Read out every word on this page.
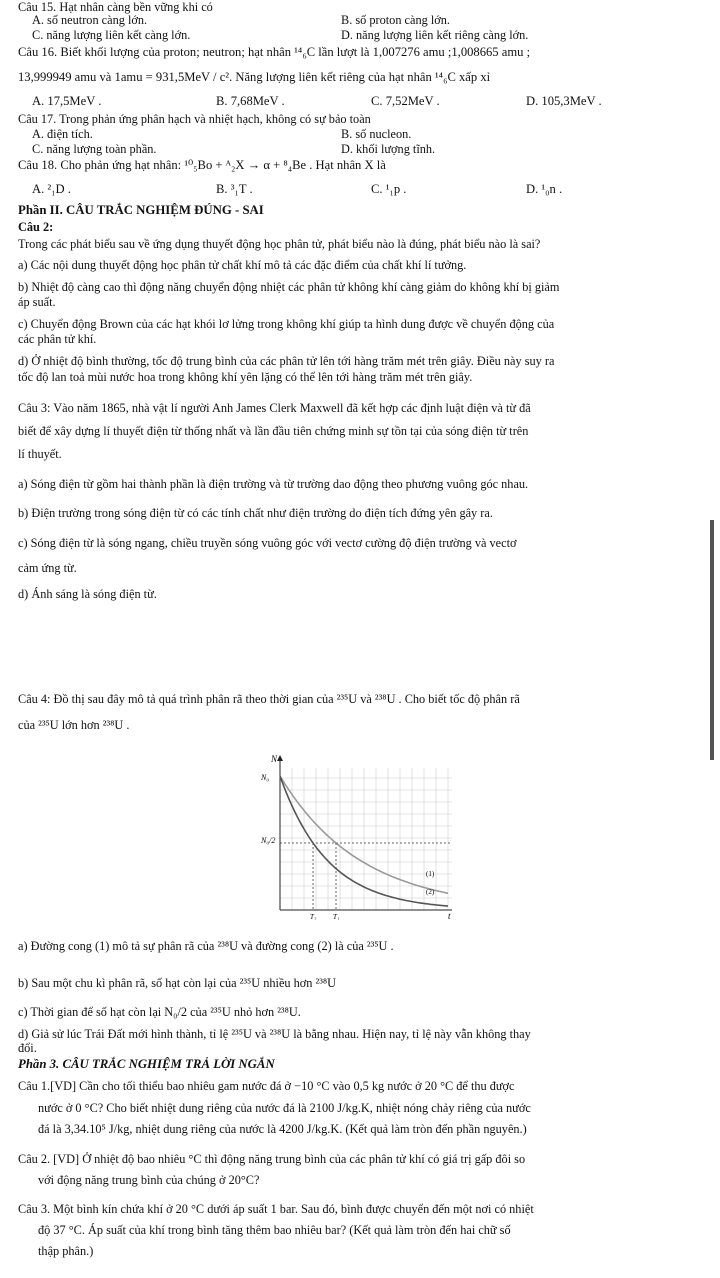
Câu 15. Hạt nhân càng bền vững khi có
A. số neutron càng lớn.	B. số proton càng lớn.
C. năng lượng liên kết càng lớn.	D. năng lượng liên kết riêng càng lớn.
Câu 16. Biết khối lượng của proton; neutron; hạt nhân ¹⁴₆C lần lượt là 1,007276 amu ;1,008665 amu ;
13,999949 amu và 1amu = 931,5MeV / c². Năng lượng liên kết riêng của hạt nhân ¹⁴₆C xấp xỉ
A. 17,5MeV .	B. 7,68MeV .	C. 7,52MeV .	D. 105,3MeV .
Câu 17. Trong phản ứng phân hạch và nhiệt hạch, không có sự bảo toàn
A. điện tích.	B. số nucleon.
C. năng lượng toàn phần.	D. khối lượng tĩnh.
Câu 18. Cho phản ứng hạt nhân: ¹⁰₅Bo + ᴬ₂X → α + ⁸₄Be . Hạt nhân X là
A. ²₁D .	B. ³₁T .	C. ¹₁p .	D. ¹₀n .
Phần II. CÂU TRẮC NGHIỆM ĐÚNG - SAI
Câu 2:
Trong các phát biểu sau về ứng dụng thuyết động học phân tử, phát biểu nào là đúng, phát biểu nào là sai?
a) Các nội dung thuyết động học phân tử chất khí mô tả các đặc điểm của chất khí lí tưởng.
b) Nhiệt độ càng cao thì động năng chuyển động nhiệt các phân tử không khí càng giảm do không khí bị giảm
áp suất.
c) Chuyển động Brown của các hạt khói lơ lửng trong không khí giúp ta hình dung được về chuyển động của
các phân tử khí.
d) Ở nhiệt độ bình thường, tốc độ trung bình của các phân tử lên tới hàng trăm mét trên giây. Điều này suy ra
tốc độ lan toả mùi nước hoa trong không khí yên lặng có thể lên tới hàng trăm mét trên giây.
Câu 3: Vào năm 1865, nhà vật lí người Anh James Clerk Maxwell đã kết hợp các định luật điện và từ đã
biết để xây dựng lí thuyết điện từ thống nhất và lần đầu tiên chứng minh sự tồn tại của sóng điện từ trên
lí thuyết.
a) Sóng điện từ gồm hai thành phần là điện trường và từ trường dao động theo phương vuông góc nhau.
b) Điện trường trong sóng điện từ có các tính chất như điện trường do điện tích đứng yên gây ra.
c) Sóng điện từ là sóng ngang, chiều truyền sóng vuông góc với vectơ cường độ điện trường và vectơ
cảm ứng từ.
d) Ánh sáng là sóng điện từ.
Câu 4: Đồ thị sau đây mô tả quá trình phân rã theo thời gian của ²³⁵U và ²³⁸U . Cho biết tốc độ phân rã
của ²³⁵U lớn hơn ²³⁸U .
N
t
N₀
N₀/2
T₂ T₁
(1)
(2)
a) Đường cong (1) mô tả sự phân rã của ²³⁸U và đường cong (2) là của ²³⁵U .
b) Sau một chu kì phân rã, số hạt còn lại của ²³⁵U nhiều hơn ²³⁸U
c) Thời gian để số hạt còn lại N₀/2 của ²³⁵U nhỏ hơn ²³⁸U.
d) Giả sử lúc Trái Đất mới hình thành, tỉ lệ ²³⁵U và ²³⁸U là bằng nhau. Hiện nay, tỉ lệ này vẫn không thay
đổi.
Phần 3. CÂU TRẮC NGHIỆM TRẢ LỜI NGẮN
Câu 1.[VD] Cần cho tối thiểu bao nhiêu gam nước đá ở −10 °C vào 0,5 kg nước ở 20 °C để thu được
nước ở 0 °C? Cho biết nhiệt dung riêng của nước đá là 2100 J/kg.K, nhiệt nóng chảy riêng của nước
đá là 3,34.10⁵ J/kg, nhiệt dung riêng của nước là 4200 J/kg.K. (Kết quả làm tròn đến phần nguyên.)
Câu 2. [VD] Ở nhiệt độ bao nhiêu °C thì động năng trung bình của các phân tử khí có giá trị gấp đôi so
với động năng trung bình của chúng ở 20°C?
Câu 3. Một bình kín chứa khí ở 20 °C dưới áp suất 1 bar. Sau đó, bình được chuyển đến một nơi có nhiệt
độ 37 °C. Áp suất của khí trong bình tăng thêm bao nhiêu bar? (Kết quả làm tròn đến hai chữ số
thập phân.)
